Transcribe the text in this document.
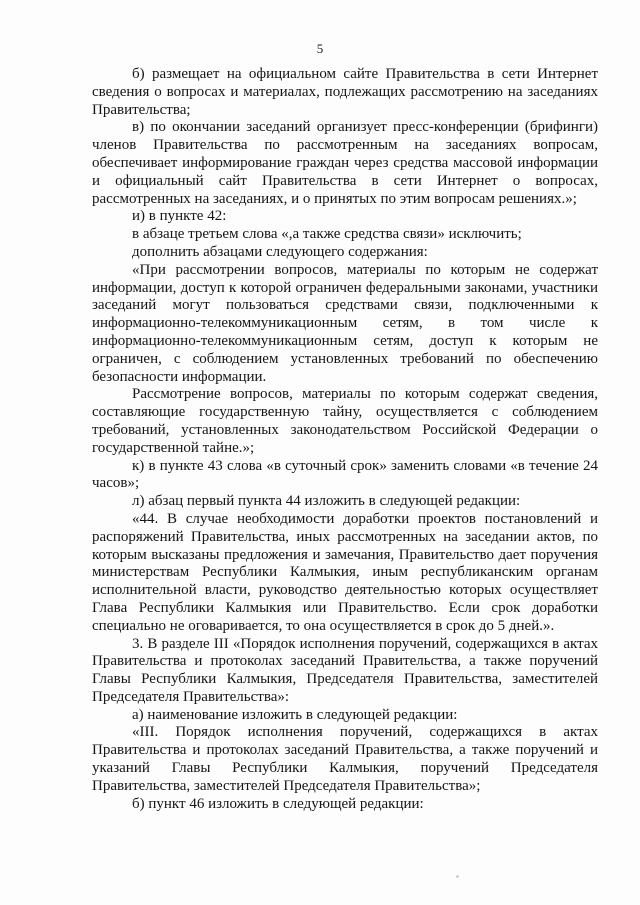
5

б) размещает на официальном сайте Правительства в сети Интернет сведения о вопросах и материалах, подлежащих рассмотрению на заседаниях Правительства;

в) по окончании заседаний организует пресс-конференции (брифинги) членов Правительства по рассмотренным на заседаниях вопросам, обеспечивает информирование граждан через средства массовой информации и официальный сайт Правительства в сети Интернет о вопросах, рассмотренных на заседаниях, и о принятых по этим вопросам решениях.»;

и) в пункте 42:

в абзаце третьем слова «,а также средства связи» исключить;

дополнить абзацами следующего содержания:

«При рассмотрении вопросов, материалы по которым не содержат информации, доступ к которой ограничен федеральными законами, участники заседаний могут пользоваться средствами связи, подключенными к информационно-телекоммуникационным сетям, в том числе к информационно-телекоммуникационным сетям, доступ к которым не ограничен, с соблюдением установленных требований по обеспечению безопасности информации.

Рассмотрение вопросов, материалы по которым содержат сведения, составляющие государственную тайну, осуществляется с соблюдением требований, установленных законодательством Российской Федерации о государственной тайне.»;

к) в пункте 43 слова «в суточный срок» заменить словами «в течение 24 часов»;

л) абзац первый пункта 44 изложить в следующей редакции:

«44. В случае необходимости доработки проектов постановлений и распоряжений Правительства, иных рассмотренных на заседании актов, по которым высказаны предложения и замечания, Правительство дает поручения министерствам Республики Калмыкия, иным республиканским органам исполнительной власти, руководство деятельностью которых осуществляет Глава Республики Калмыкия или Правительство. Если срок доработки специально не оговаривается, то она осуществляется в срок до 5 дней.».

3. В разделе III «Порядок исполнения поручений, содержащихся в актах Правительства и протоколах заседаний Правительства, а также поручений Главы Республики Калмыкия, Председателя Правительства, заместителей Председателя Правительства»:

а) наименование изложить в следующей редакции:

«III. Порядок исполнения поручений, содержащихся в актах Правительства и протоколах заседаний Правительства, а также поручений и указаний Главы Республики Калмыкия, поручений Председателя Правительства, заместителей Председателя Правительства»;

б) пункт 46 изложить в следующей редакции:
